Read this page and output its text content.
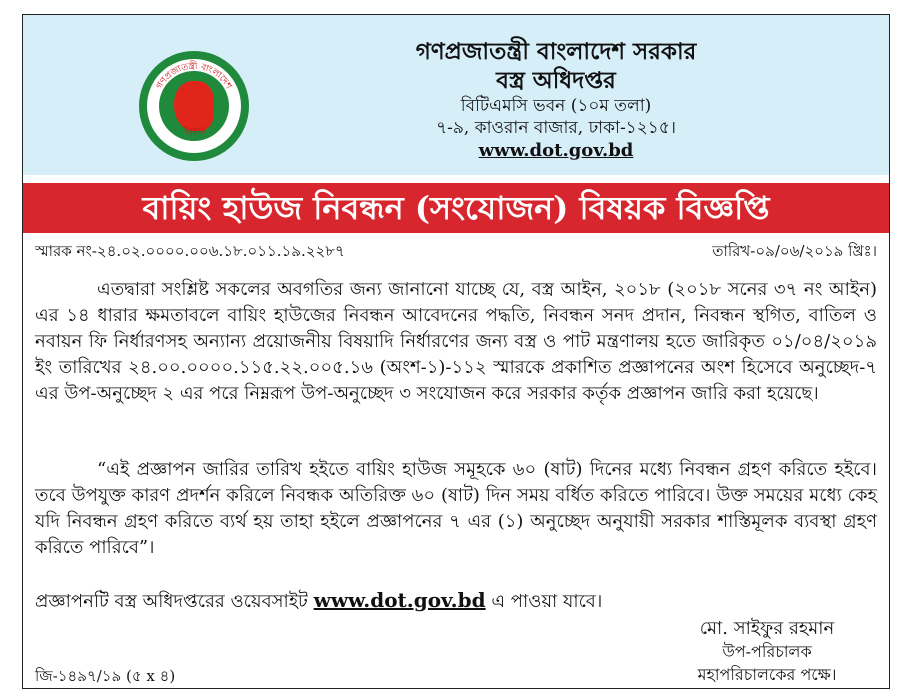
গণপ্রজাতন্ত্রী বাংলাদেশ
সরকার
গণপ্রজাতন্ত্রী বাংলাদেশ সরকার
বস্ত্র অধিদপ্তর
বিটিএমসি ভবন (১০ম তলা)
৭-৯, কাওরান বাজার, ঢাকা-১২১৫।
www.dot.gov.bd
বায়িং হাউজ নিবন্ধন (সংযোজন) বিষয়ক বিজ্ঞপ্তি
স্মারক নং-২৪.০২.০০০০.০০৬.১৮.০১১.১৯.২২৮৭	তারিখ-০৯/০৬/২০১৯ খ্রিঃ।
এতদ্বারা সংশ্লিষ্ট সকলের অবগতির জন্য জানানো যাচ্ছে যে, বস্ত্র আইন, ২০১৮ (২০১৮ সনের ৩৭ নং আইন) এর ১৪ ধারার ক্ষমতাবলে বায়িং হাউজের নিবন্ধন আবেদনের পদ্ধতি, নিবন্ধন সনদ প্রদান, নিবন্ধন স্থগিত, বাতিল ও নবায়ন ফি নির্ধারণসহ অন্যান্য প্রয়োজনীয় বিষয়াদি নির্ধারণের জন্য বস্ত্র ও পাট মন্ত্রণালয় হতে জারিকৃত ০১/০৪/২০১৯ ইং তারিখের ২৪.০০.০০০০.১১৫.২২.০০৫.১৬ (অংশ-১)-১১২ স্মারকে প্রকাশিত প্রজ্ঞাপনের অংশ হিসেবে অনুচ্ছেদ-৭ এর উপ-অনুচ্ছেদ ২ এর পরে নিম্নরূপ উপ-অনুচ্ছেদ ৩ সংযোজন করে সরকার কর্তৃক প্রজ্ঞাপন জারি করা হয়েছে।
“এই প্রজ্ঞাপন জারির তারিখ হইতে বায়িং হাউজ সমূহকে ৬০ (ষাট) দিনের মধ্যে নিবন্ধন গ্রহণ করিতে হইবে। তবে উপযুক্ত কারণ প্রদর্শন করিলে নিবন্ধক অতিরিক্ত ৬০ (ষাট) দিন সময় বর্ধিত করিতে পারিবে। উক্ত সময়ের মধ্যে কেহ যদি নিবন্ধন গ্রহণ করিতে ব্যর্থ হয় তাহা হইলে প্রজ্ঞাপনের ৭ এর (১) অনুচ্ছেদ অনুযায়ী সরকার শাস্তিমূলক ব্যবস্থা গ্রহণ করিতে পারিবে”।
প্রজ্ঞাপনটি বস্ত্র অধিদপ্তরের ওয়েবসাইট www.dot.gov.bd এ পাওয়া যাবে।
মো. সাইফুর রহমান
উপ-পরিচালক
মহাপরিচালকের পক্ষে।
জি-১৪৯৭/১৯ (৫ x ৪)
